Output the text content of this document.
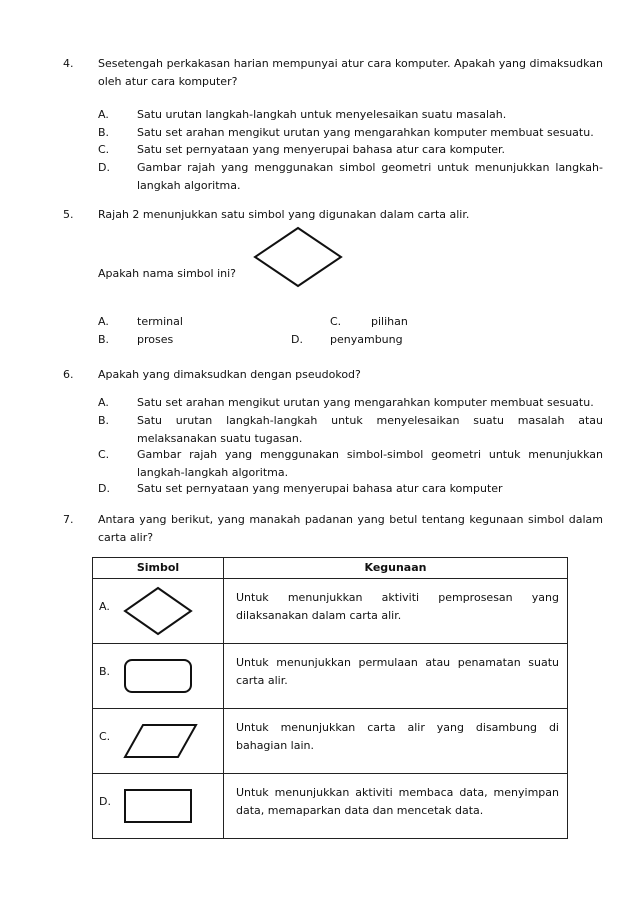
4. Sesetengah perkakasan harian mempunyai atur cara komputer. Apakah yang dimaksudkan oleh atur cara komputer?
A.	Satu urutan langkah-langkah untuk menyelesaikan suatu masalah.
B.	Satu set arahan mengikut urutan yang mengarahkan komputer membuat sesuatu.
C.	Satu set pernyataan yang menyerupai bahasa atur cara komputer.
D. Gambar rajah yang menggunakan simbol geometri untuk menunjukkan langkah-langkah algoritma.
5. Rajah 2 menunjukkan satu simbol yang digunakan dalam carta alir.
Apakah nama simbol ini?
A.	terminal
B.	proses
C.	pilihan
D. penyambung
6. Apakah yang dimaksudkan dengan pseudokod?
A.	Satu set arahan mengikut urutan yang mengarahkan komputer membuat sesuatu.
B.	Satu urutan langkah-langkah untuk menyelesaikan suatu masalah atau melaksanakan suatu tugasan.
C.	Gambar rajah yang menggunakan simbol-simbol geometri untuk menunjukkan langkah-langkah algoritma.
D. Satu set pernyataan yang menyerupai bahasa atur cara komputer
7. Antara yang berikut, yang manakah padanan yang betul tentang kegunaan simbol dalam carta alir?
Simbol	Kegunaan

A.	Untuk menunjukkan aktiviti pemprosesan yang dilaksanakan dalam carta alir.

B.	Untuk menunjukkan permulaan atau penamatan suatu carta alir.

C.	Untuk menunjukkan carta alir yang disambung di bahagian lain.

D.	Untuk menunjukkan aktiviti membaca data, menyimpan data, memaparkan data dan mencetak data.
